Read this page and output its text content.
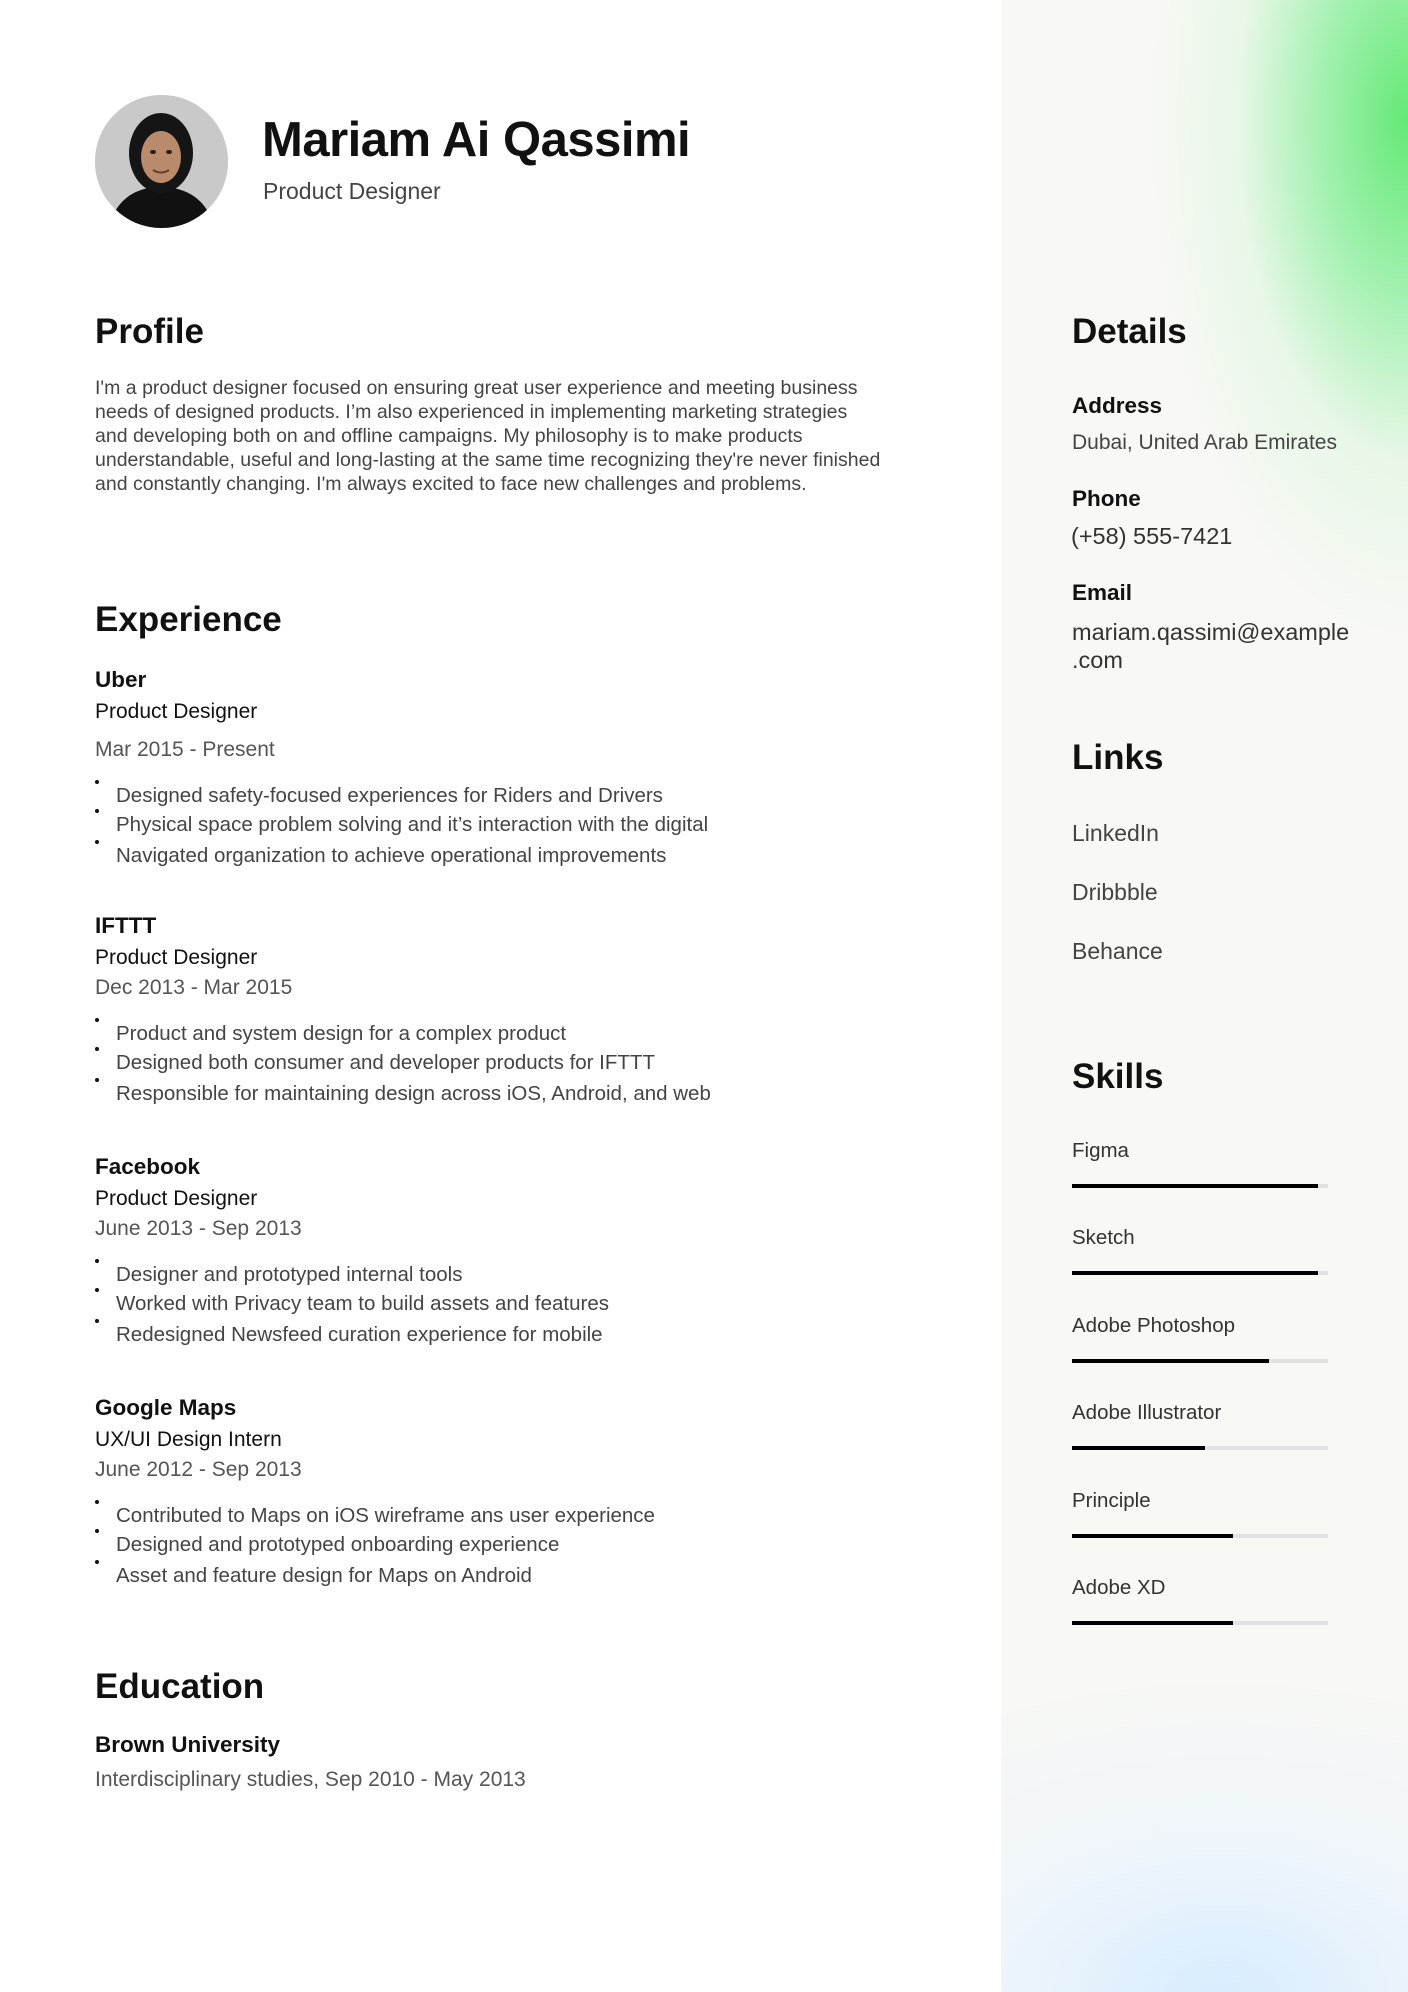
Mariam Ai Qassimi
Product Designer
Profile
I'm a product designer focused on ensuring great user experience and meeting business needs of designed products. I’m also experienced in implementing marketing strategies and developing both on and offline campaigns. My philosophy is to make products understandable, useful and long-lasting at the same time recognizing they're never finished and constantly changing. I'm always excited to face new challenges and problems.
Experience
Uber
Product Designer
Mar 2015 - Present
Designed safety-focused experiences for Riders and Drivers
Physical space problem solving and it’s interaction with the digital
Navigated organization to achieve operational improvements
IFTTT
Product Designer
Dec 2013 - Mar 2015
Product and system design for a complex product
Designed both consumer and developer products for IFTTT
Responsible for maintaining design across iOS, Android, and web
Facebook
Product Designer
June 2013 - Sep 2013
Designer and prototyped internal tools
Worked with Privacy team to build assets and features
Redesigned Newsfeed curation experience for mobile
Google Maps
UX/UI Design Intern
June 2012 - Sep 2013
Contributed to Maps on iOS wireframe ans user experience
Designed and prototyped onboarding experience
Asset and feature design for Maps on Android
Education
Brown University
Interdisciplinary studies, Sep 2010 - May 2013
Details
Address
Dubai, United Arab Emirates
Phone
(+58) 555-7421
Email
mariam.qassimi@example
.com
Links
LinkedIn
Dribbble
Behance
Skills
Figma
Sketch
Adobe Photoshop
Adobe Illustrator
Principle
Adobe XD
